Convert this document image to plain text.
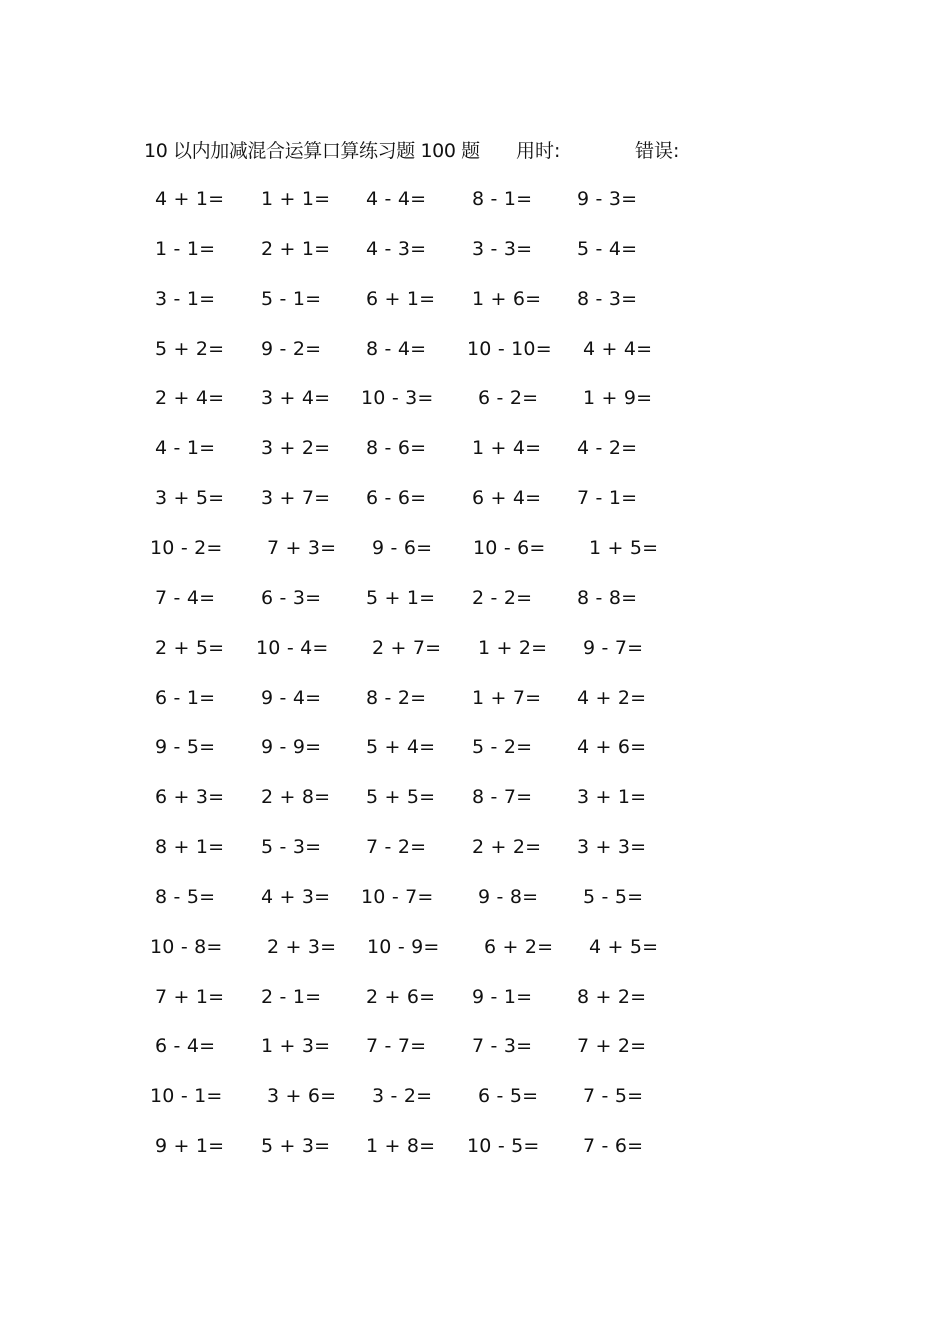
10 以内加减混合运算口算练习题 100 题 用时:	错误:
4 + 1= 1 + 1= 4 - 4= 8 - 1= 9 - 3=
1 - 1= 2 + 1= 4 - 3= 3 - 3= 5 - 4=
3 - 1= 5 - 1= 6 + 1= 1 + 6= 8 - 3=
5 + 2= 9 - 2= 8 - 4= 10 - 10= 4 + 4=
2 + 4= 3 + 4= 10 - 3= 6 - 2= 1 + 9=
4 - 1= 3 + 2= 8 - 6= 1 + 4= 4 - 2=
3 + 5= 3 + 7= 6 - 6= 6 + 4= 7 - 1=
10 - 2= 7 + 3= 9 - 6= 10 - 6= 1 + 5=
7 - 4= 6 - 3= 5 + 1= 2 - 2= 8 - 8=
2 + 5= 10 - 4= 2 + 7= 1 + 2= 9 - 7=
6 - 1= 9 - 4= 8 - 2= 1 + 7= 4 + 2=
9 - 5= 9 - 9= 5 + 4= 5 - 2= 4 + 6=
6 + 3= 2 + 8= 5 + 5= 8 - 7= 3 + 1=
8 + 1= 5 - 3= 7 - 2= 2 + 2= 3 + 3=
8 - 5= 4 + 3= 10 - 7= 9 - 8= 5 - 5=
10 - 8= 2 + 3= 10 - 9= 6 + 2= 4 + 5=
7 + 1= 2 - 1= 2 + 6= 9 - 1= 8 + 2=
6 - 4= 1 + 3= 7 - 7= 7 - 3= 7 + 2=
10 - 1= 3 + 6= 3 - 2= 6 - 5= 7 - 5=
9 + 1= 5 + 3= 1 + 8= 10 - 5= 7 - 6=
